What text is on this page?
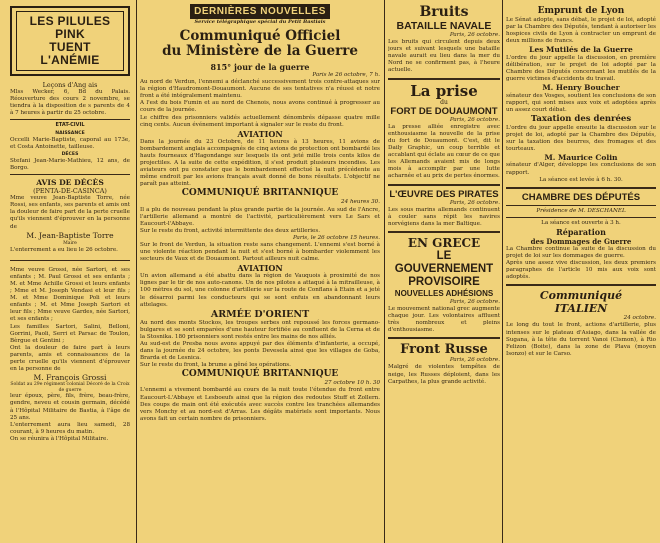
LES PILULES PINK
TUENT L'ANÉMIE

Leçons d'Ang ais

Mlss Wecker, 6, Bd du Palais. Réouverture des cours 2 novembre, se tiendra à la disposition de s parents de 4 à 7 heures à partir du 25 octobre.

ETAT-CIVIL

NAISSANCE

Occelli Marie-Baptiste, caporal au 173e, et Costa Antoinette, tailleuse.

DÉCES

Stefani Jean-Marie-Mathieu, 12 ans, de Borgo.

AVIS DE DÉCÈS

(PENTA-DE-CASINCA)

Mme veuve Jean-Baptiste Torre, née Rossi, ses enfants, ses parents et amis ont la douleur de faire part de la perte cruelle qu'ils viennent d'éprouver en la personne de

M. Jean-Baptiste Torre

Maire

L'enterrement a eu lieu le 26 octobre.

Mme veuve Grossi, née Sartori, et ses enfants ; M. Paul Grossi et ses enfants ; M. et Mme Achille Grossi et leurs enfants ; Mme et M. Joseph Vendasi et leur fils ; M. et Mme Dominique Poli et leurs enfants ; M. et Mme Joseph Sartori et leur fils ; Mme veuve Gardes, née Sartori, et ses enfants ;

Les familles Sartori, Salini, Belloni, Gorrini, Paoli, Serri et Parsac de Toulon, Bèrgue et Gentini ;

Ont la douleur de faire part à leurs parents, amis et connaissances de la perte cruelle qu'ils viennent d'éprouver en la personne de

M. François Grossi

Soldat au 29e régiment colonial Décoré de la Croix de guerre

leur époux, père, fils, frère, beau-frère, gendre, neveu et cousin germain, décédé à l'Hôpital Militaire de Bastia, à l'âge de 25 ans.

L'enterrement aura lieu samedi, 28 courant, à 9 heures du matin.

On se réunira à l'Hôpital Militaire.

DERNIÈRES NOUVELLES

Service télégraphique spécial du Petit Bastiais

Communiqué Officiel

du Ministère de la Guerre

815° jour de la guerre

Paris le 26 octobre, 7 h.

Au nord de Verdun, l'ennemi a déclanché successivement trois contre-attaques sur la région d'Haudromont-Douaumont. Aucune de ses tentatives n'a réussi et notre front a été intégralement maintenu.

A l'est du bois Fumin et au nord de Chenois, nous avons continué à progresser au cours de la journée.

Le chiffre des prisonniers validés actuellement dénombrés dépasse quatre mille cinq cents. Aucun événement important à signaler sur le reste du front.

AVIATION

Dans la journée du 23 Octobre, de 11 heures à 13 heures, 11 avions de bombardement anglais accompagnés de cinq avions de protection ont bombardé les hauts fourneaux d'Hagondange sur lesquels ils ont jeté mille trois cents kilos de projectiles. A la suite de cette expédition, il s'est produit plusieurs incendies. Les aviateurs ont pu constater que le bombardement effectué la nuit précédente au même endroit par les avions français avait donné de bons résultats. L'objectif ne paraît pas atteint.

COMMUNIQUÉ BRITANNIQUE

24 heures 30.

Il a plu de nouveau pendant la plus grande partie de la journée. Au sud de l'Ancre, l'artillerie allemand a montré de l'activité, particulièrement vers Le Sars et Eaucourt-l'Abbaye.

Sur le reste du front, activité intermittente des deux artilleries.

Paris, le 26 octobre 15 heures.

Sur le front de Verdun, la situation reste sans changement. L'ennemi s'est borné à une violente réaction pendant la nuit et s'est borné à bombarder violemment les secteurs de Vaux et de Douaumont. Partout ailleurs nuit calme.

AVIATION

Un avion allemand a été abattu dans la région de Vauquois à proximité de nos lignes par le tir de nos auto-canons. Un de nos pilotes a attaqué à la mitrailleuse, à 100 mètres du sol, une colonne d'artillerie sur la route de Conflans à Etain et a jeté le désarroi parmi les conducteurs qui se sont enfuis en abandonnant leurs attelages.

ARMÉE D'ORIENT

Au nord des monts Stockos, les troupes serbes ont repoussé les forces germano-bulgares et se sont emparées d'une hauteur fortifiée au confluent de la Cerna et de la Stosnika. 180 prisonniers sont restés entre les mains de nos alliés.

Au sud-est de Presba nous avons appuyé par des éléments d'infanterie, a occupé, dans la journée du 24 octobre, les ponts Devesela ainsi que les villages de Goba, Brarda et de Lesnica.

Sur le reste du front, la brume a gêné les opérations.

COMMUNIQUÉ BRITANNIQUE

27 octobre 10 h. 30

L'ennemi a vivement bombardé au cours de la nuit toute l'étendue du front entre Eaucourt-L'Abbaye et Lesboeufs ainsi que la région des redoutes Stuff et Zollern. Des coups de main ont été exécutés avec succès contre les tranchées allemandes vers Monchy et au nord-est d'Arras. Les dégâts matériels sont importants. Nous avons fait un certain nombre de prisonniers.

Bruits

BATAILLE NAVALE

Paris, 26 octobre.

Les bruits qui circulent depuis deux jours et suivant lesquels une bataille navale aurait eu lieu dans la mer du Nord ne se confirment pas, à l'heure actuelle.

La prise

du

FORT DE DOUAUMONT

Paris, 26 octobre.

La presse alliée enregistre avec enthousiasme la nouvelle de la prise du fort de Douaumont. C'est, dit le Daily Graphic, un coup terrible et accablant qui éclate au cœur de ce que les Allemands avaient mis de longs mois à accomplir par une lutte acharnée et au prix de pertes énormes.

L'ŒUVRE DES PIRATES

Paris, 26 octobre.

Les sous marins allemands continuent à couler sans répit les navires norvégiens dans la mer Baltique.

EN GRECE

LE GOUVERNEMENT

PROVISOIRE

NOUVELLES ADHÉSIONS

Paris, 26 octobre.

Le mouvement national grec augmente chaque jour. Les volontaires affluent très nombreux et pleins d'enthousiasme.

Front Russe

Paris, 26 octobre.

Malgré de violentes tempêtes de neige, les Russes déploient, dans les Carpathes, la plus grande activité.

Emprunt de Lyon

Le Sénat adopte, sans débat, le projet de loi, adopté par la Chambre des Députés, tendant à autoriser les hospices civils de Lyon à contracter un emprunt de deux millions de francs.

Les Mutilés de la Guerre

L'ordre du jour appelle la discussion, en première délibération, sur le projet de loi adopté par la Chambre des Députés concernant les mutilés de la guerre victimes d'accidents du travail.

M. Henry Boucher

sénateur des Vosges, soutient les conclusions de son rapport, qui sont mises aux voix et adoptées après un assez court débat.

Taxation des denrées

L'ordre du jour appelle ensuite la discussion sur le projet de loi, adopté par la Chambre des Députés, sur la taxation des beurres, des fromages et des tourteaux.

M. Maurice Colin

sénateur d'Alger, développe les conclusions de son rapport.

La séance est levée à 6 h. 30.

CHAMBRE DES DÉPUTÉS

Présidence de M. DESCHANEL

La séance est ouverte à 3 h.

Réparation

des Dommages de Guerre

La Chambre continue la suite de la discussion du projet de loi sur les dommages de guerre.

Après une assez vive discussion, les deux premiers paragraphes de l'article 10 mis aux voix sont adoptés.

Communiqué

ITALIEN

24 octobre.

Le long du tout le front, actions d'artillerie, plus intenses sur le plateau d'Asiago, dans la vallée de Sugana, à la tête du torrent Vanoi (Cismon), à Rio Felizon (Boite), dans la zone de Plava (moyen Isonzo) et sur le Carso.
